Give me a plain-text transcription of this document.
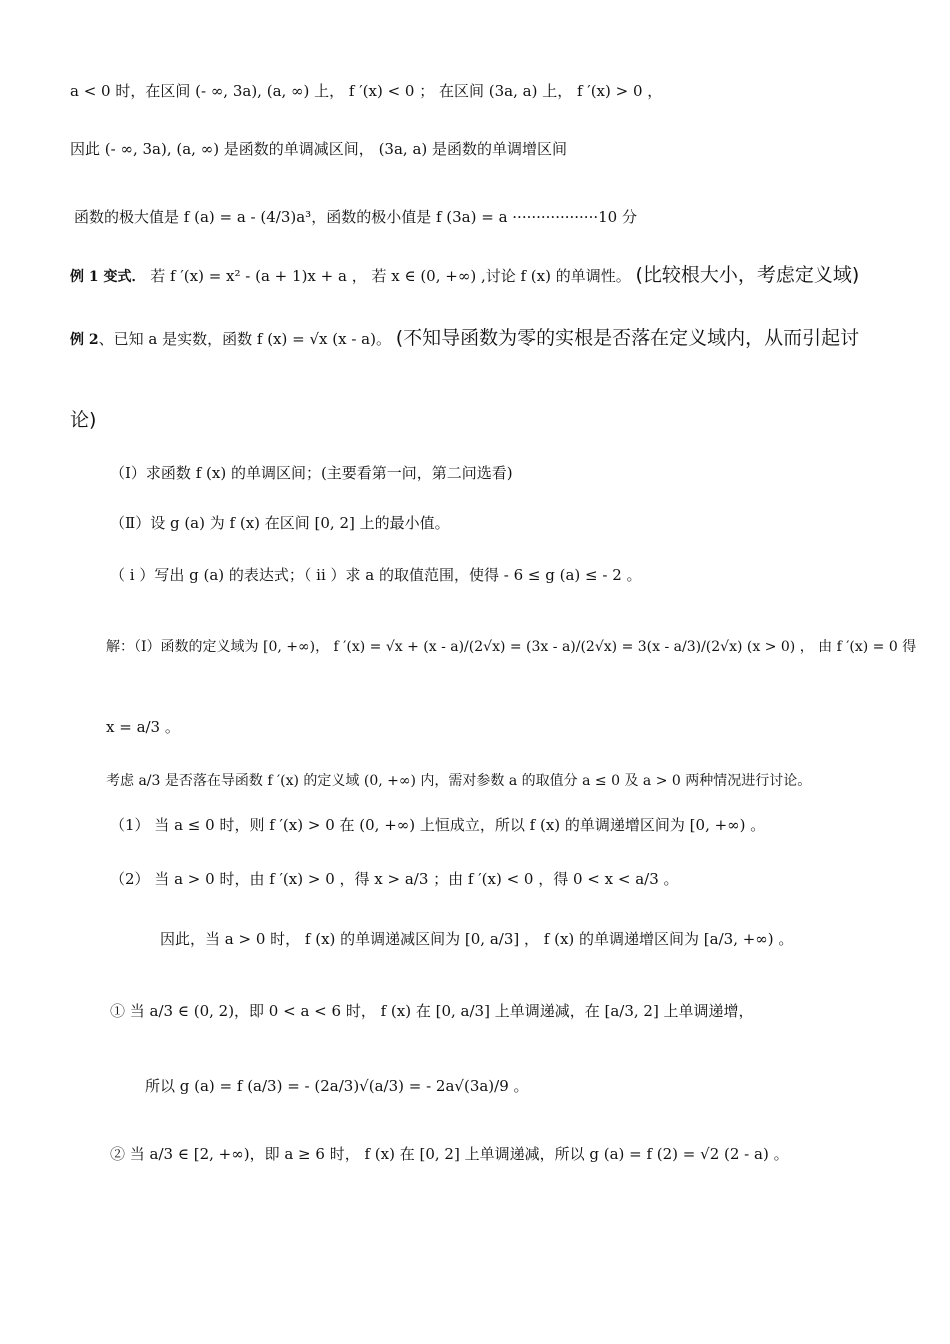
a < 0 时，在区间 (- ∞, 3a), (a, ∞) 上， f ′(x) < 0 ； 在区间 (3a, a) 上， f ′(x) > 0 ，
因此 (- ∞, 3a), (a, ∞) 是函数的单调减区间， (3a, a) 是函数的单调增区间
函数的极大值是 f (a) = a - (4/3)a³，函数的极小值是 f (3a) = a ··················10 分
例 1 变式． 若 f ′(x) = x² - (a + 1)x + a ， 若 x ∈ (0, +∞) ,讨论 f (x) 的单调性。 (比较根大小，考虑定义域)
例 2、已知 a 是实数，函数 f (x) = √x (x - a)。 (不知导函数为零的实根是否落在定义域内，从而引起讨
论)
（Ⅰ）求函数 f (x) 的单调区间；(主要看第一问，第二问选看)
（Ⅱ）设 g (a) 为 f (x) 在区间 [0, 2] 上的最小值。
（ i ）写出 g (a) 的表达式；（ ii ）求 a 的取值范围，使得 - 6 ≤ g (a) ≤ - 2 。
解：（Ⅰ）函数的定义域为 [0, +∞)， f ′(x) = √x + (x - a)/(2√x) = (3x - a)/(2√x) = 3(x - a/3)/(2√x) (x > 0) ， 由 f ′(x) = 0 得
x = a/3 。
考虑 a/3 是否落在导函数 f ′(x) 的定义域 (0, +∞) 内，需对参数 a 的取值分 a ≤ 0 及 a > 0 两种情况进行讨论。
（1） 当 a ≤ 0 时，则 f ′(x) > 0 在 (0, +∞) 上恒成立，所以 f (x) 的单调递增区间为 [0, +∞) 。
（2） 当 a > 0 时，由 f ′(x) > 0 ，得 x > a/3 ；由 f ′(x) < 0 ，得 0 < x < a/3 。
因此，当 a > 0 时， f (x) 的单调递减区间为 [0, a/3] ， f (x) 的单调递增区间为 [a/3, +∞) 。
① 当 a/3 ∈ (0, 2)，即 0 < a < 6 时， f (x) 在 [0, a/3] 上单调递减，在 [a/3, 2] 上单调递增，
所以 g (a) = f (a/3) = - (2a/3)√(a/3) = - 2a√(3a)/9 。
② 当 a/3 ∈ [2, +∞)，即 a ≥ 6 时， f (x) 在 [0, 2] 上单调递减，所以 g (a) = f (2) = √2 (2 - a) 。
